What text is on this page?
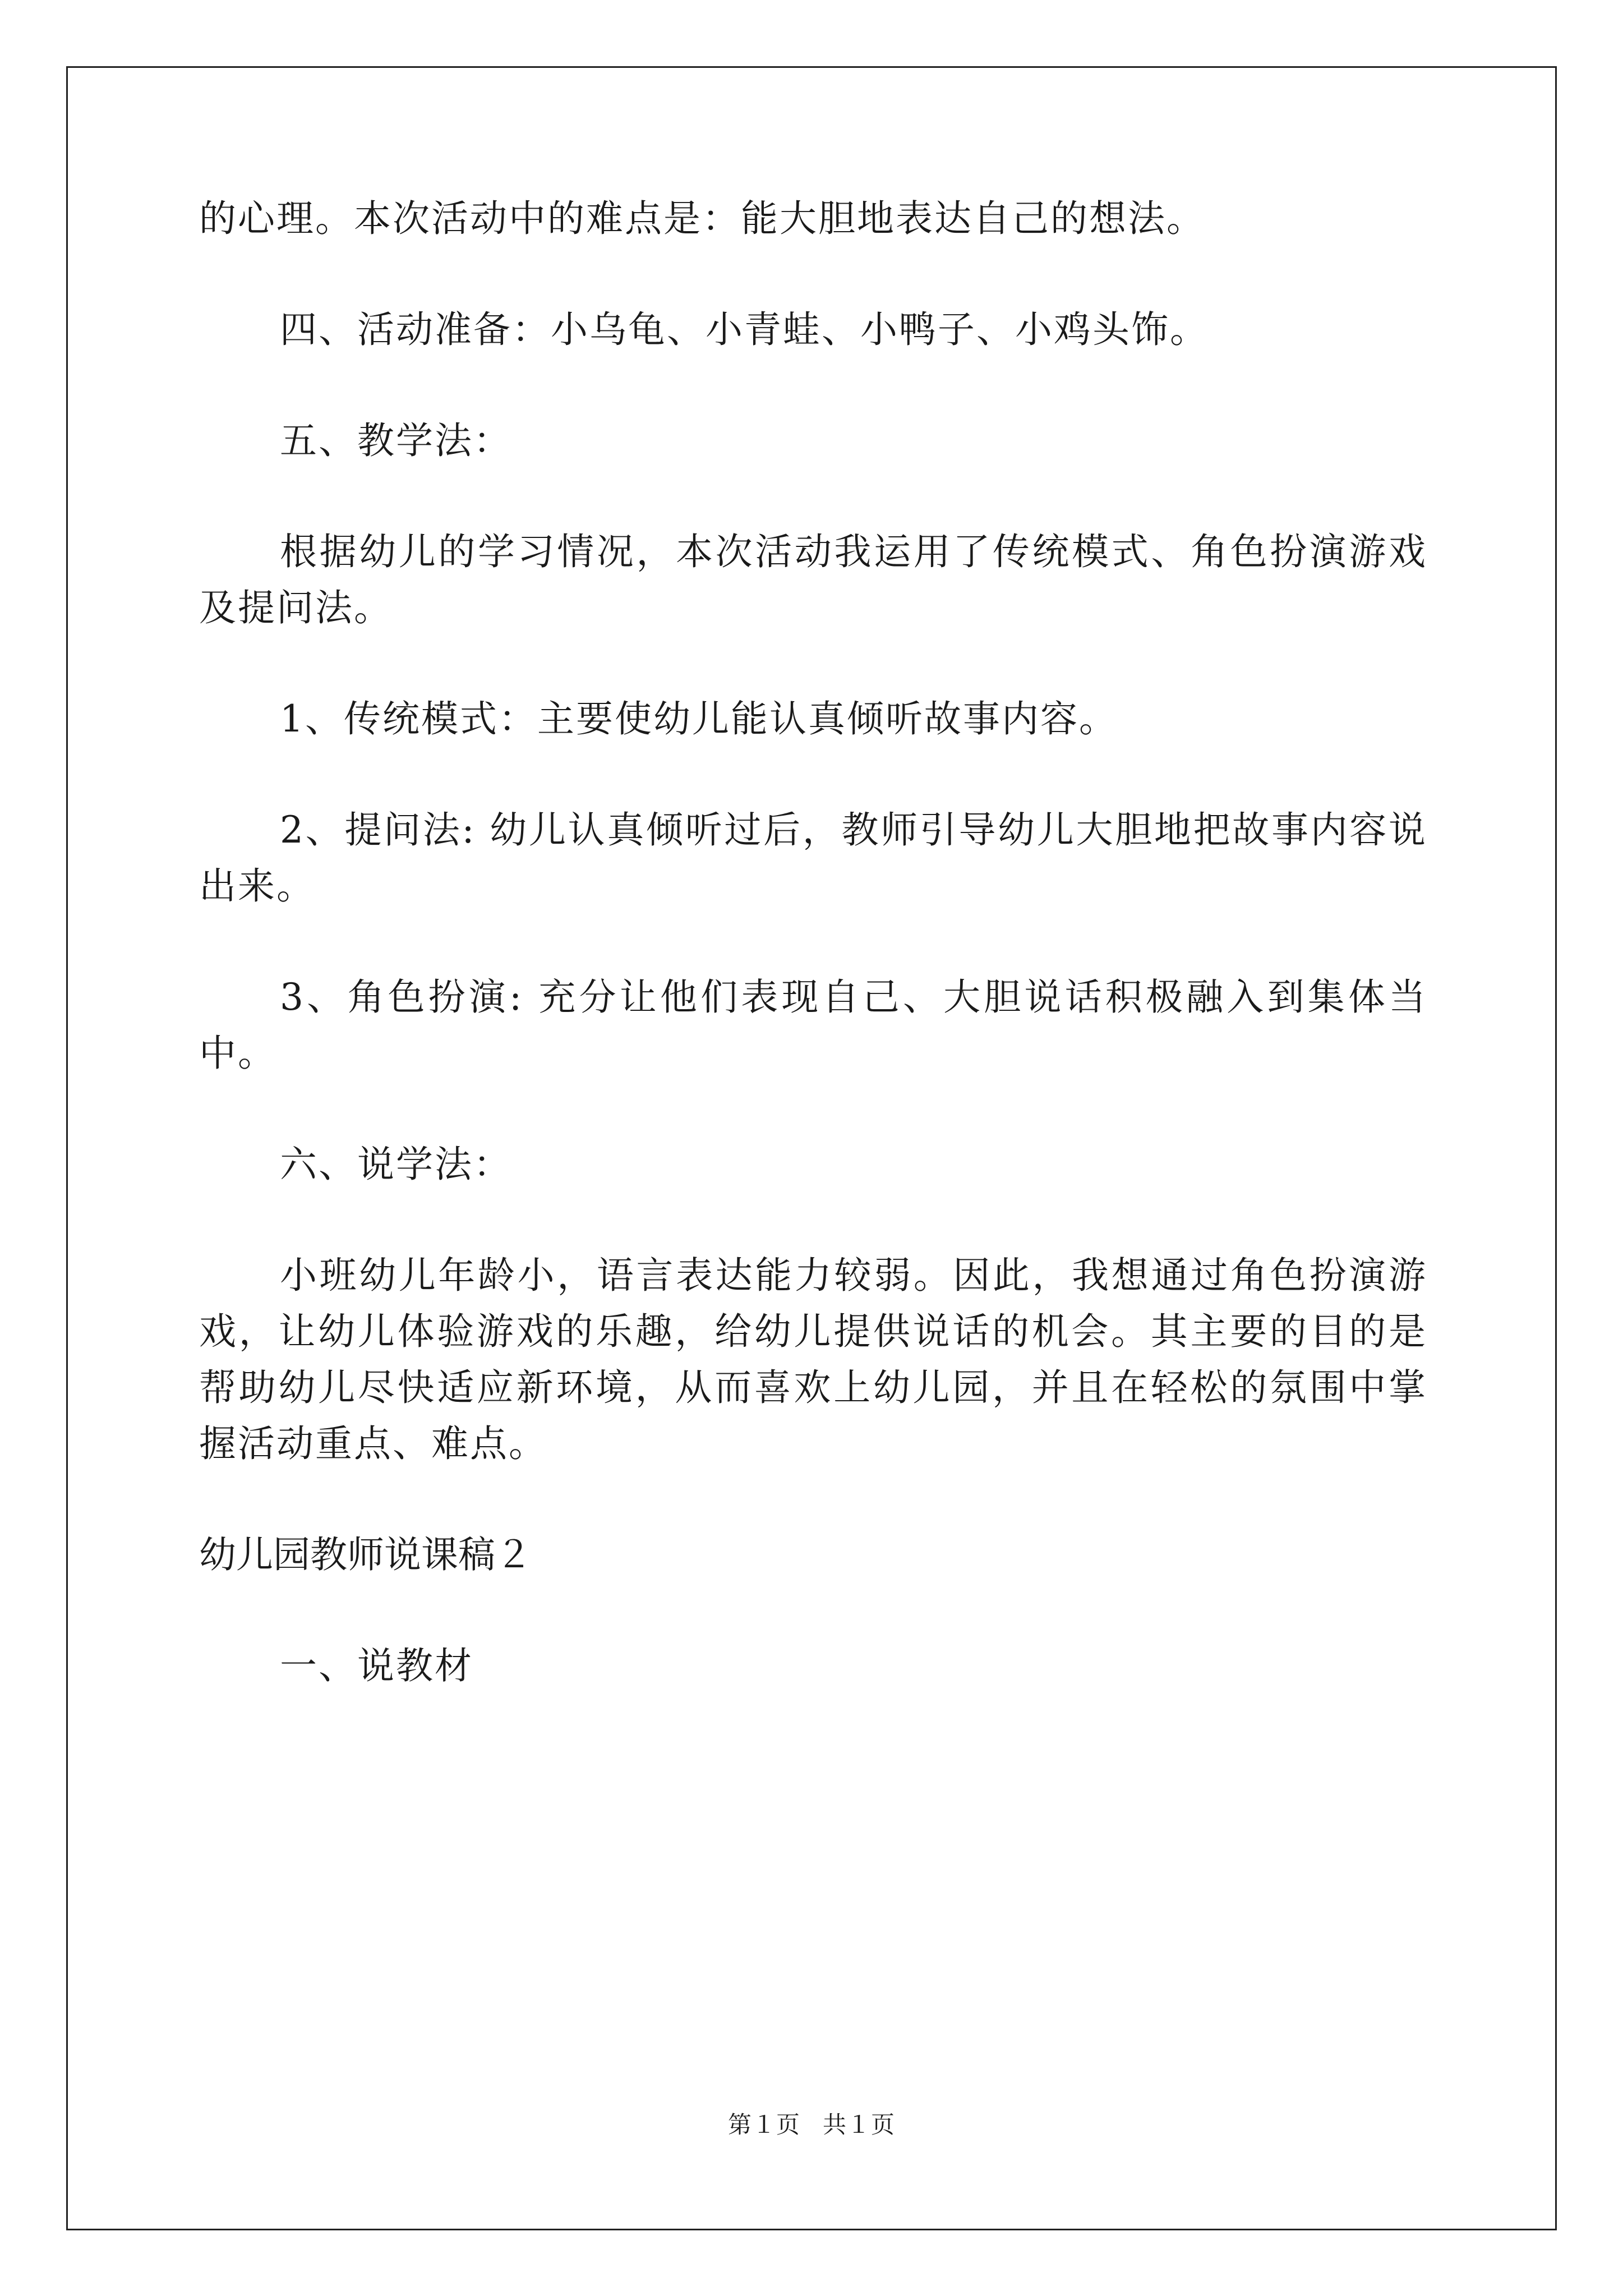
的心理。本次活动中的难点是：能大胆地表达自己的想法。

四、活动准备：小乌龟、小青蛙、小鸭子、小鸡头饰。

五、教学法：

根据幼儿的学习情况，本次活动我运用了传统模式、角色扮演游戏及提问法。

1、传统模式：主要使幼儿能认真倾听故事内容。

2、提问法: 幼儿认真倾听过后，教师引导幼儿大胆地把故事内容说出来。

3、角色扮演: 充分让他们表现自己、大胆说话积极融入到集体当中。

六、说学法：

小班幼儿年龄小，语言表达能力较弱。因此，我想通过角色扮演游戏，让幼儿体验游戏的乐趣，给幼儿提供说话的机会。其主要的目的是帮助幼儿尽快适应新环境，从而喜欢上幼儿园，并且在轻松的氛围中掌握活动重点、难点。

幼儿园教师说课稿２

一、说教材

第１页 共１页
